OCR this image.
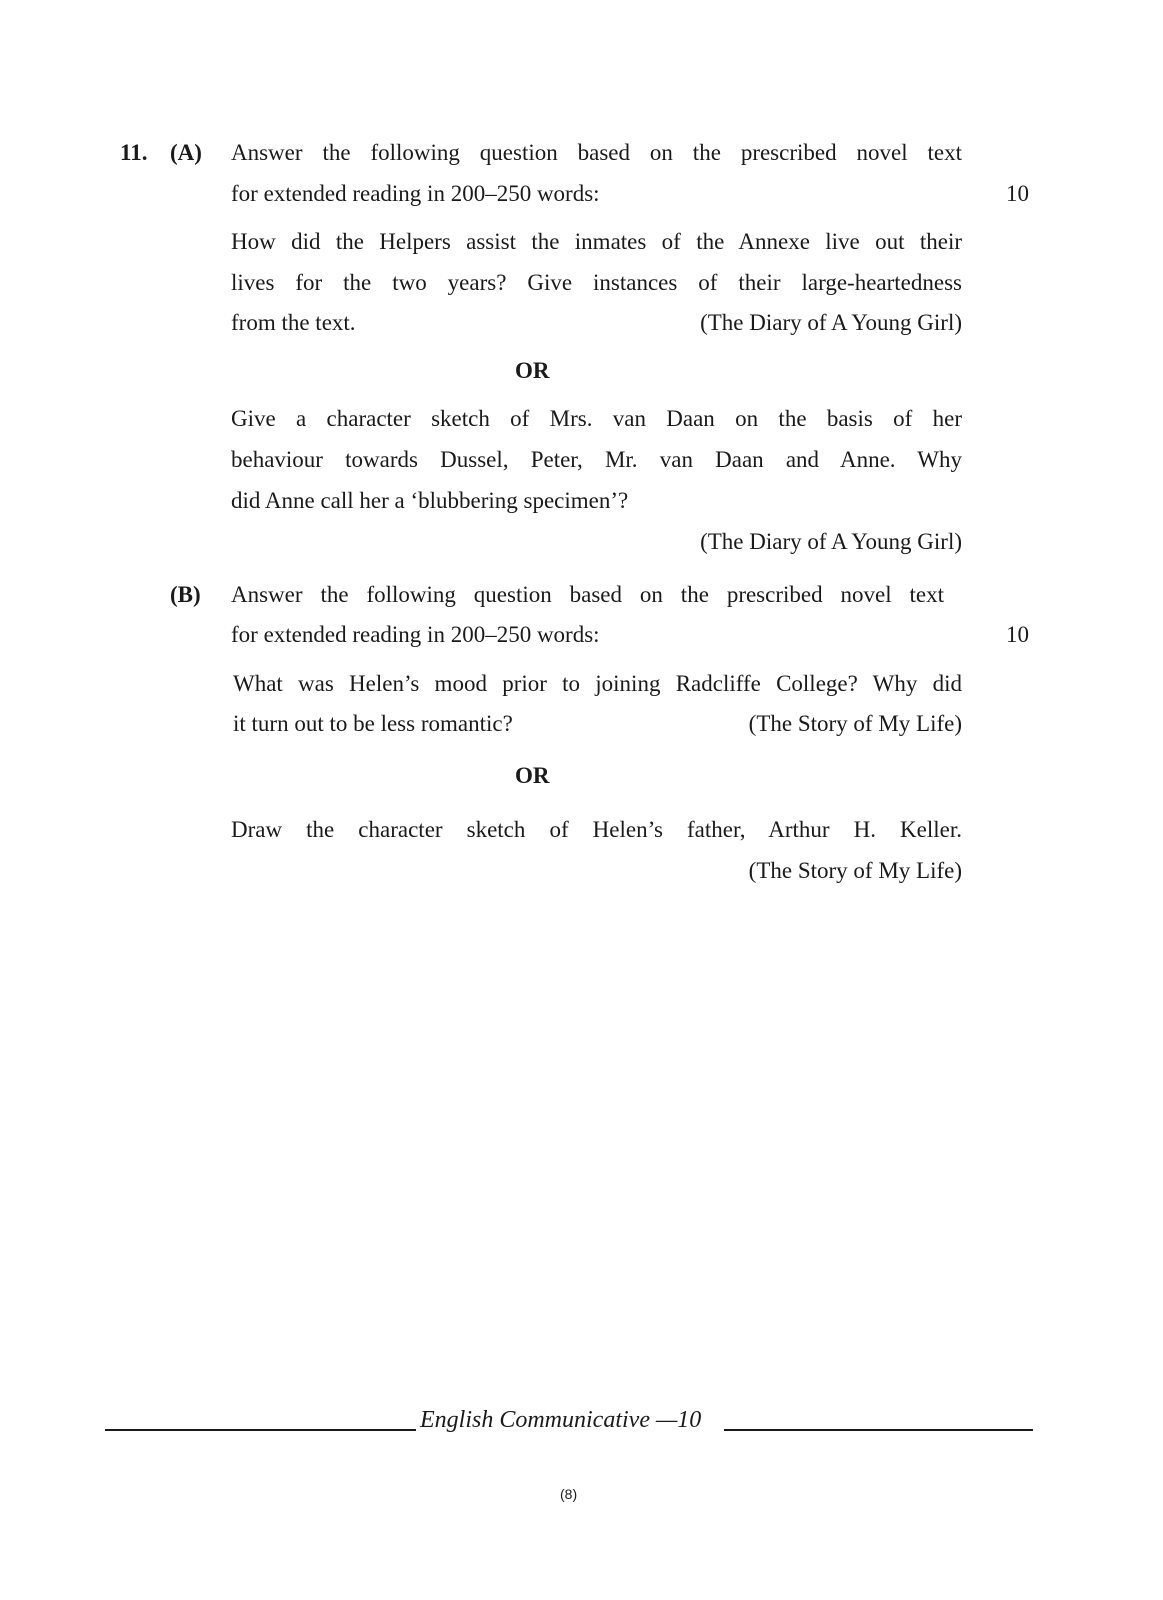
11. (A) Answer the following question based on the prescribed novel text
for extended reading in 200–250 words:	10
How did the Helpers assist the inmates of the Annexe live out their
lives for the two years? Give instances of their large-heartedness
from the text.	(The Diary of A Young Girl)
OR
Give a character sketch of Mrs. van Daan on the basis of her
behaviour towards Dussel, Peter, Mr. van Daan and Anne. Why
did Anne call her a ‘blubbering specimen’?
(The Diary of A Young Girl)
(B) Answer the following question based on the prescribed novel text
for extended reading in 200–250 words:	10
What was Helen’s mood prior to joining Radcliffe College? Why did
it turn out to be less romantic?	(The Story of My Life)
OR
Draw the character sketch of Helen’s father, Arthur H. Keller.
(The Story of My Life)
English Communicative —10
(8)
